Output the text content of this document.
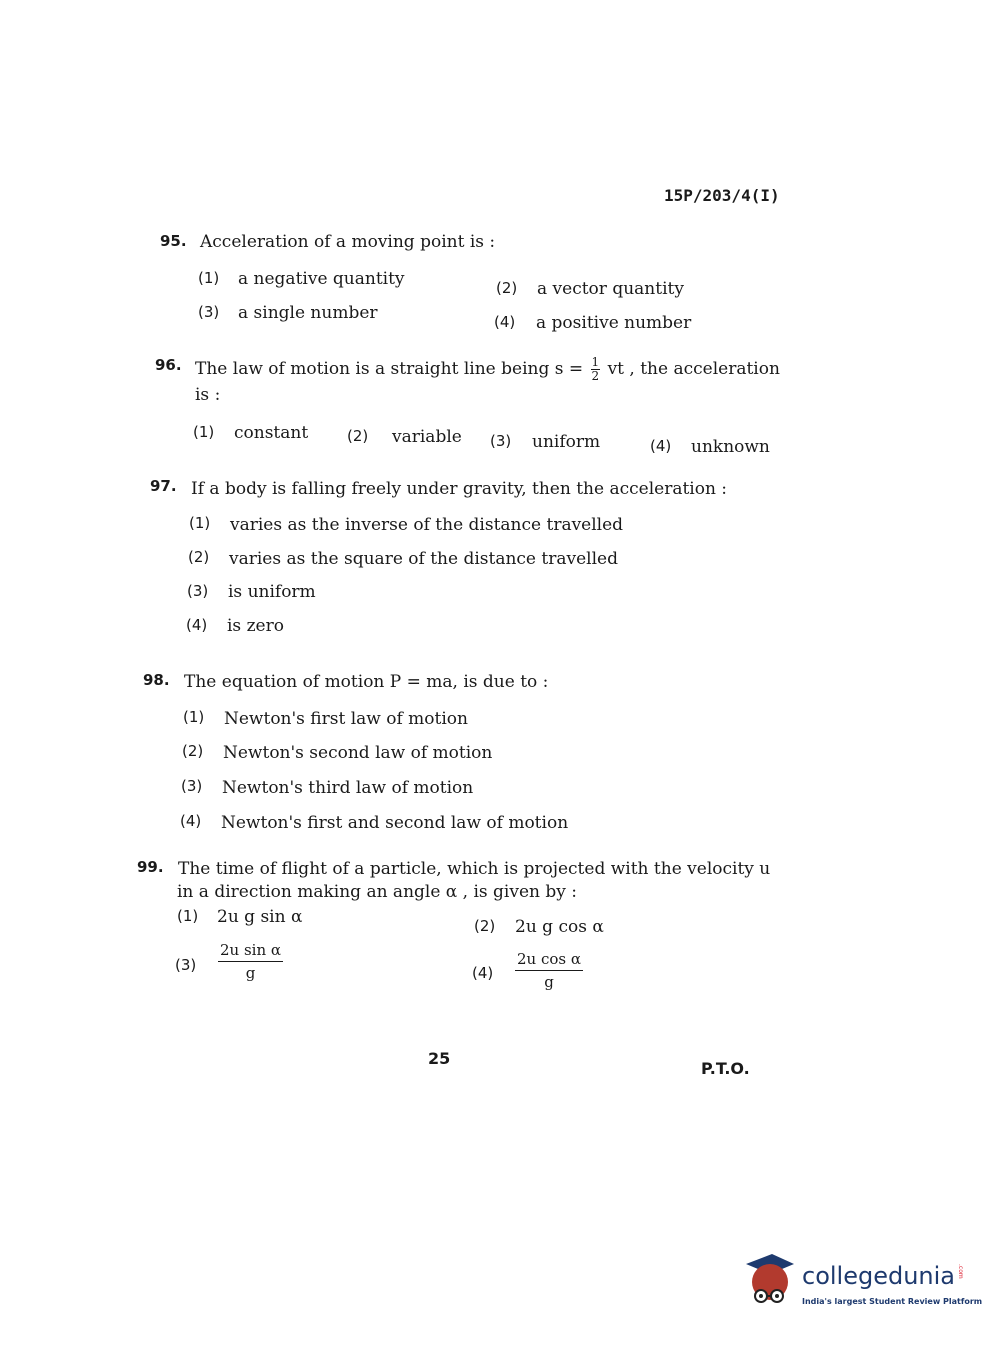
15P/203/4(I)
95. Acceleration of a moving point is :
(1) a negative quantity	(2) a vector quantity
(3) a single number	(4) a positive number
96. The law of motion is a straight line being $s = \frac{1}{2}$ vt , the acceleration
is :
(1) constant	(2) variable (3) uniform	(4) unknown
97. If a body is falling freely under gravity, then the acceleration :
(1) varies as the inverse of the distance travelled
(2) varies as the square of the distance travelled
(3) is uniform
(4) is zero
98. The equation of motion P = ma, is due to :
(1) Newton's first law of motion
(2) Newton's second law of motion
(3) Newton's third law of motion
(4) Newton's first and second law of motion
99. The time of flight of a particle, which is projected with the velocity u
in a direction making an angle α , is given by :
(1) 2u g sin α	(2) 2u g cos α
$(3) \frac{\text{2u sin α}}{g}$	$(4) \frac{\text{2u cos α}}{g}$
25
P.T.O.
collegedunia .com
India's largest Student Review Platform
